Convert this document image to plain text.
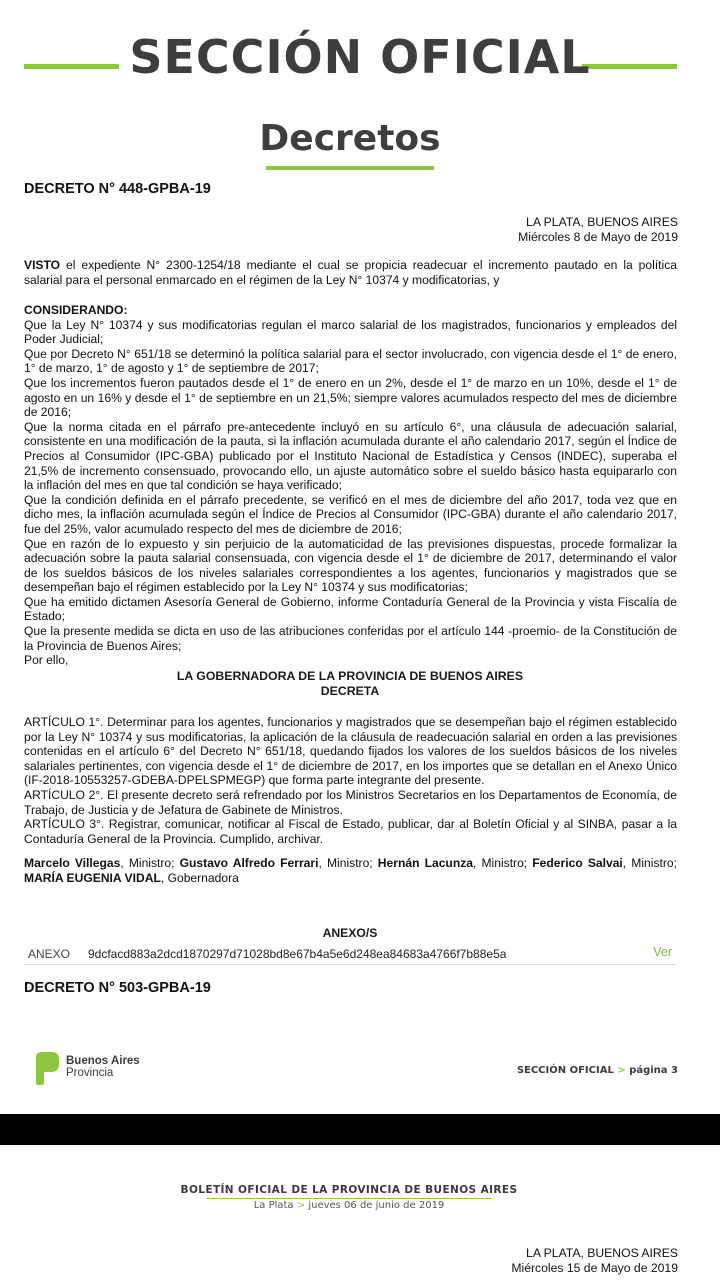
SECCIÓN OFICIAL
Decretos
DECRETO N° 448-GPBA-19
LA PLATA, BUENOS AIRES
Miércoles 8 de Mayo de 2019
VISTO el expediente N° 2300-1254/18 mediante el cual se propicia readecuar el incremento pautado en la política salarial para el personal enmarcado en el régimen de la Ley N° 10374 y modificatorias, y

CONSIDERANDO:

Que la Ley N° 10374 y sus modificatorias regulan el marco salarial de los magistrados, funcionarios y empleados del Poder Judicial;

Que por Decreto N° 651/18 se determinó la política salarial para el sector involucrado, con vigencia desde el 1° de enero, 1° de marzo, 1° de agosto y 1° de septiembre de 2017;

Que los incrementos fueron pautados desde el 1° de enero en un 2%, desde el 1° de marzo en un 10%, desde el 1° de agosto en un 16% y desde el 1° de septiembre en un 21,5%; siempre valores acumulados respecto del mes de diciembre de 2016;

Que la norma citada en el párrafo pre-antecedente incluyó en su artículo 6°, una cláusula de adecuación salarial, consistente en una modificación de la pauta, si la inflación acumulada durante el año calendario 2017, según el Índice de Precios al Consumidor (IPC-GBA) publicado por el Instituto Nacional de Estadística y Censos (INDEC), superaba el 21,5% de incremento consensuado, provocando ello, un ajuste automático sobre el sueldo básico hasta equipararlo con la inflación del mes en que tal condición se haya verificado;

Que la condición definida en el párrafo precedente, se verificó en el mes de diciembre del año 2017, toda vez que en dicho mes, la inflación acumulada según el Índice de Precios al Consumidor (IPC-GBA) durante el año calendario 2017, fue del 25%, valor acumulado respecto del mes de diciembre de 2016;

Que en razón de lo expuesto y sin perjuicio de la automaticidad de las previsiones dispuestas, procede formalizar la adecuación sobre la pauta salarial consensuada, con vigencia desde el 1° de diciembre de 2017, determinando el valor de los sueldos básicos de los niveles salariales correspondientes a los agentes, funcionarios y magistrados que se desempeñan bajo el régimen establecido por la Ley N° 10374 y sus modificatorias;

Que ha emitido dictamen Asesoría General de Gobierno, informe Contaduría General de la Provincia y vista Fiscalía de Estado;

Que la presente medida se dicta en uso de las atribuciones conferidas por el artículo 144 -proemio- de la Constitución de la Provincia de Buenos Aires;

Por ello,

LA GOBERNADORA DE LA PROVINCIA DE BUENOS AIRES
DECRETA

ARTÍCULO 1°. Determinar para los agentes, funcionarios y magistrados que se desempeñan bajo el régimen establecido por la Ley N° 10374 y sus modificatorias, la aplicación de la cláusula de readecuación salarial en orden a las previsiones contenidas en el artículo 6° del Decreto N° 651/18, quedando fijados los valores de los sueldos básicos de los niveles salariales pertinentes, con vigencia desde el 1° de diciembre de 2017, en los importes que se detallan en el Anexo Único (IF-2018-10553257-GDEBA-DPELSPMEGP) que forma parte integrante del presente.

ARTÍCULO 2°. El presente decreto será refrendado por los Ministros Secretarios en los Departamentos de Economía, de Trabajo, de Justicia y de Jefatura de Gabinete de Ministros.

ARTÍCULO 3°. Registrar, comunicar, notificar al Fiscal de Estado, publicar, dar al Boletín Oficial y al SINBA, pasar a la Contaduría General de la Provincia. Cumplido, archivar.

Marcelo Villegas, Ministro; Gustavo Alfredo Ferrari, Ministro; Hernán Lacunza, Ministro; Federico Salvai, Ministro; MARÍA EUGENIA VIDAL, Gobernadora
ANEXO/S
ANEXO 9dcfacd883a2dcd1870297d71028bd8e67b4a5e6d248ea84683a4766f7b88e5a	Ver
DECRETO N° 503-GPBA-19
Buenos Aires
Provincia	SECCIÓN OFICIAL > página 3
BOLETÍN OFICIAL DE LA PROVINCIA DE BUENOS AIRES
La Plata > jueves 06 de junio de 2019
LA PLATA, BUENOS AIRES
Miércoles 15 de Mayo de 2019
